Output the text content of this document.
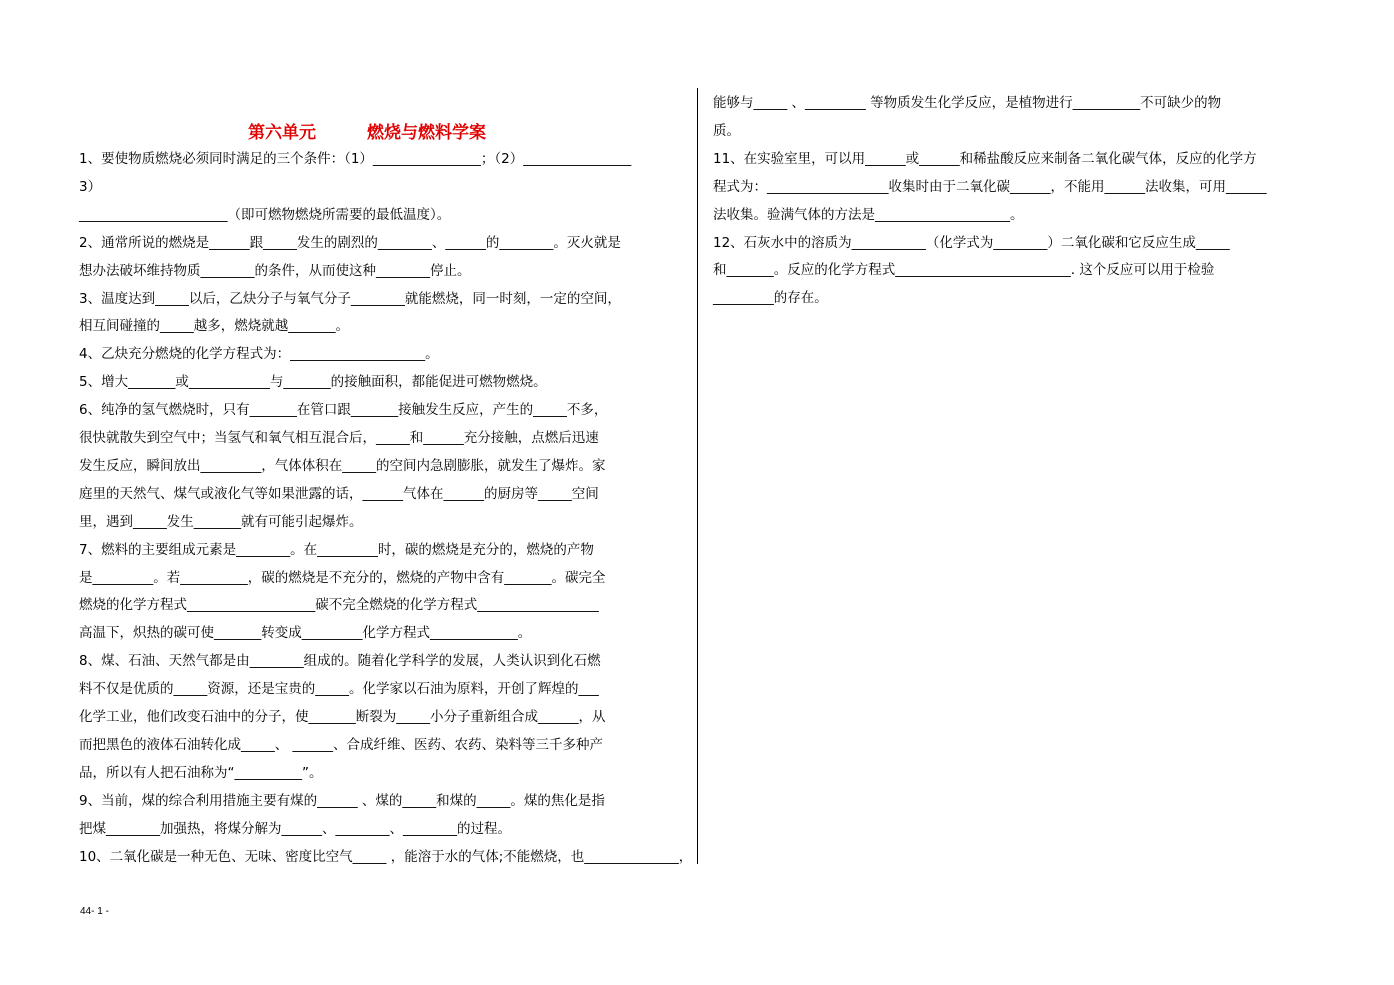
第六单元　　　燃烧与燃料学案
1、要使物质燃烧必须同时满足的三个条件：（1）________________；（2）________________
3）
______________________（即可燃物燃烧所需要的最低温度）。
2、通常所说的燃烧是______跟_____发生的剧烈的________、______的________。灭火就是
想办法破坏维持物质________的条件，从而使这种________停止。
3、温度达到_____以后，乙炔分子与氧气分子________就能燃烧，同一时刻，一定的空间，
相互间碰撞的_____越多，燃烧就越_______。
4、乙炔充分燃烧的化学方程式为：____________________。
5、增大_______或____________与_______的接触面积，都能促进可燃物燃烧。
6、纯净的氢气燃烧时，只有_______在管口跟_______接触发生反应，产生的_____不多，
很快就散失到空气中；当氢气和氧气相互混合后，_____和______充分接触，点燃后迅速
发生反应，瞬间放出_________，气体体积在_____的空间内急剧膨胀，就发生了爆炸。家
庭里的天然气、煤气或液化气等如果泄露的话，______气体在______的厨房等_____空间
里，遇到_____发生_______就有可能引起爆炸。
7、燃料的主要组成元素是________。在_________时，碳的燃烧是充分的，燃烧的产物
是_________。若__________，碳的燃烧是不充分的，燃烧的产物中含有_______。碳完全
燃烧的化学方程式___________________碳不完全燃烧的化学方程式__________________
高温下，炽热的碳可使_______转变成_________化学方程式_____________。
8、煤、石油、天然气都是由________组成的。随着化学科学的发展，人类认识到化石燃
料不仅是优质的_____资源，还是宝贵的_____。化学家以石油为原料，开创了辉煌的___
化学工业，他们改变石油中的分子，使_______断裂为_____小分子重新组合成______，从
而把黑色的液体石油转化成_____、 ______、合成纤维、医药、农药、染料等三千多种产
品，所以有人把石油称为“__________”。
9、当前，煤的综合利用措施主要有煤的______ 、煤的_____和煤的_____。煤的焦化是指
把煤________加强热，将煤分解为______、________、________的过程。
10、二氧化碳是一种无色、无味、密度比空气_____ ，能溶于水的气体;不能燃烧，也______________，
能够与_____ 、_________ 等物质发生化学反应，是植物进行__________不可缺少的物
质。
11、在实验室里，可以用______或______和稀盐酸反应来制备二氧化碳气体，反应的化学方
程式为：__________________收集时由于二氧化碳______，不能用______法收集，可用______
法收集。验满气体的方法是____________________。
12、石灰水中的溶质为___________（化学式为________）二氧化碳和它反应生成_____
和_______。反应的化学方程式__________________________. 这个反应可以用于检验
_________的存在。
44- 1 -
